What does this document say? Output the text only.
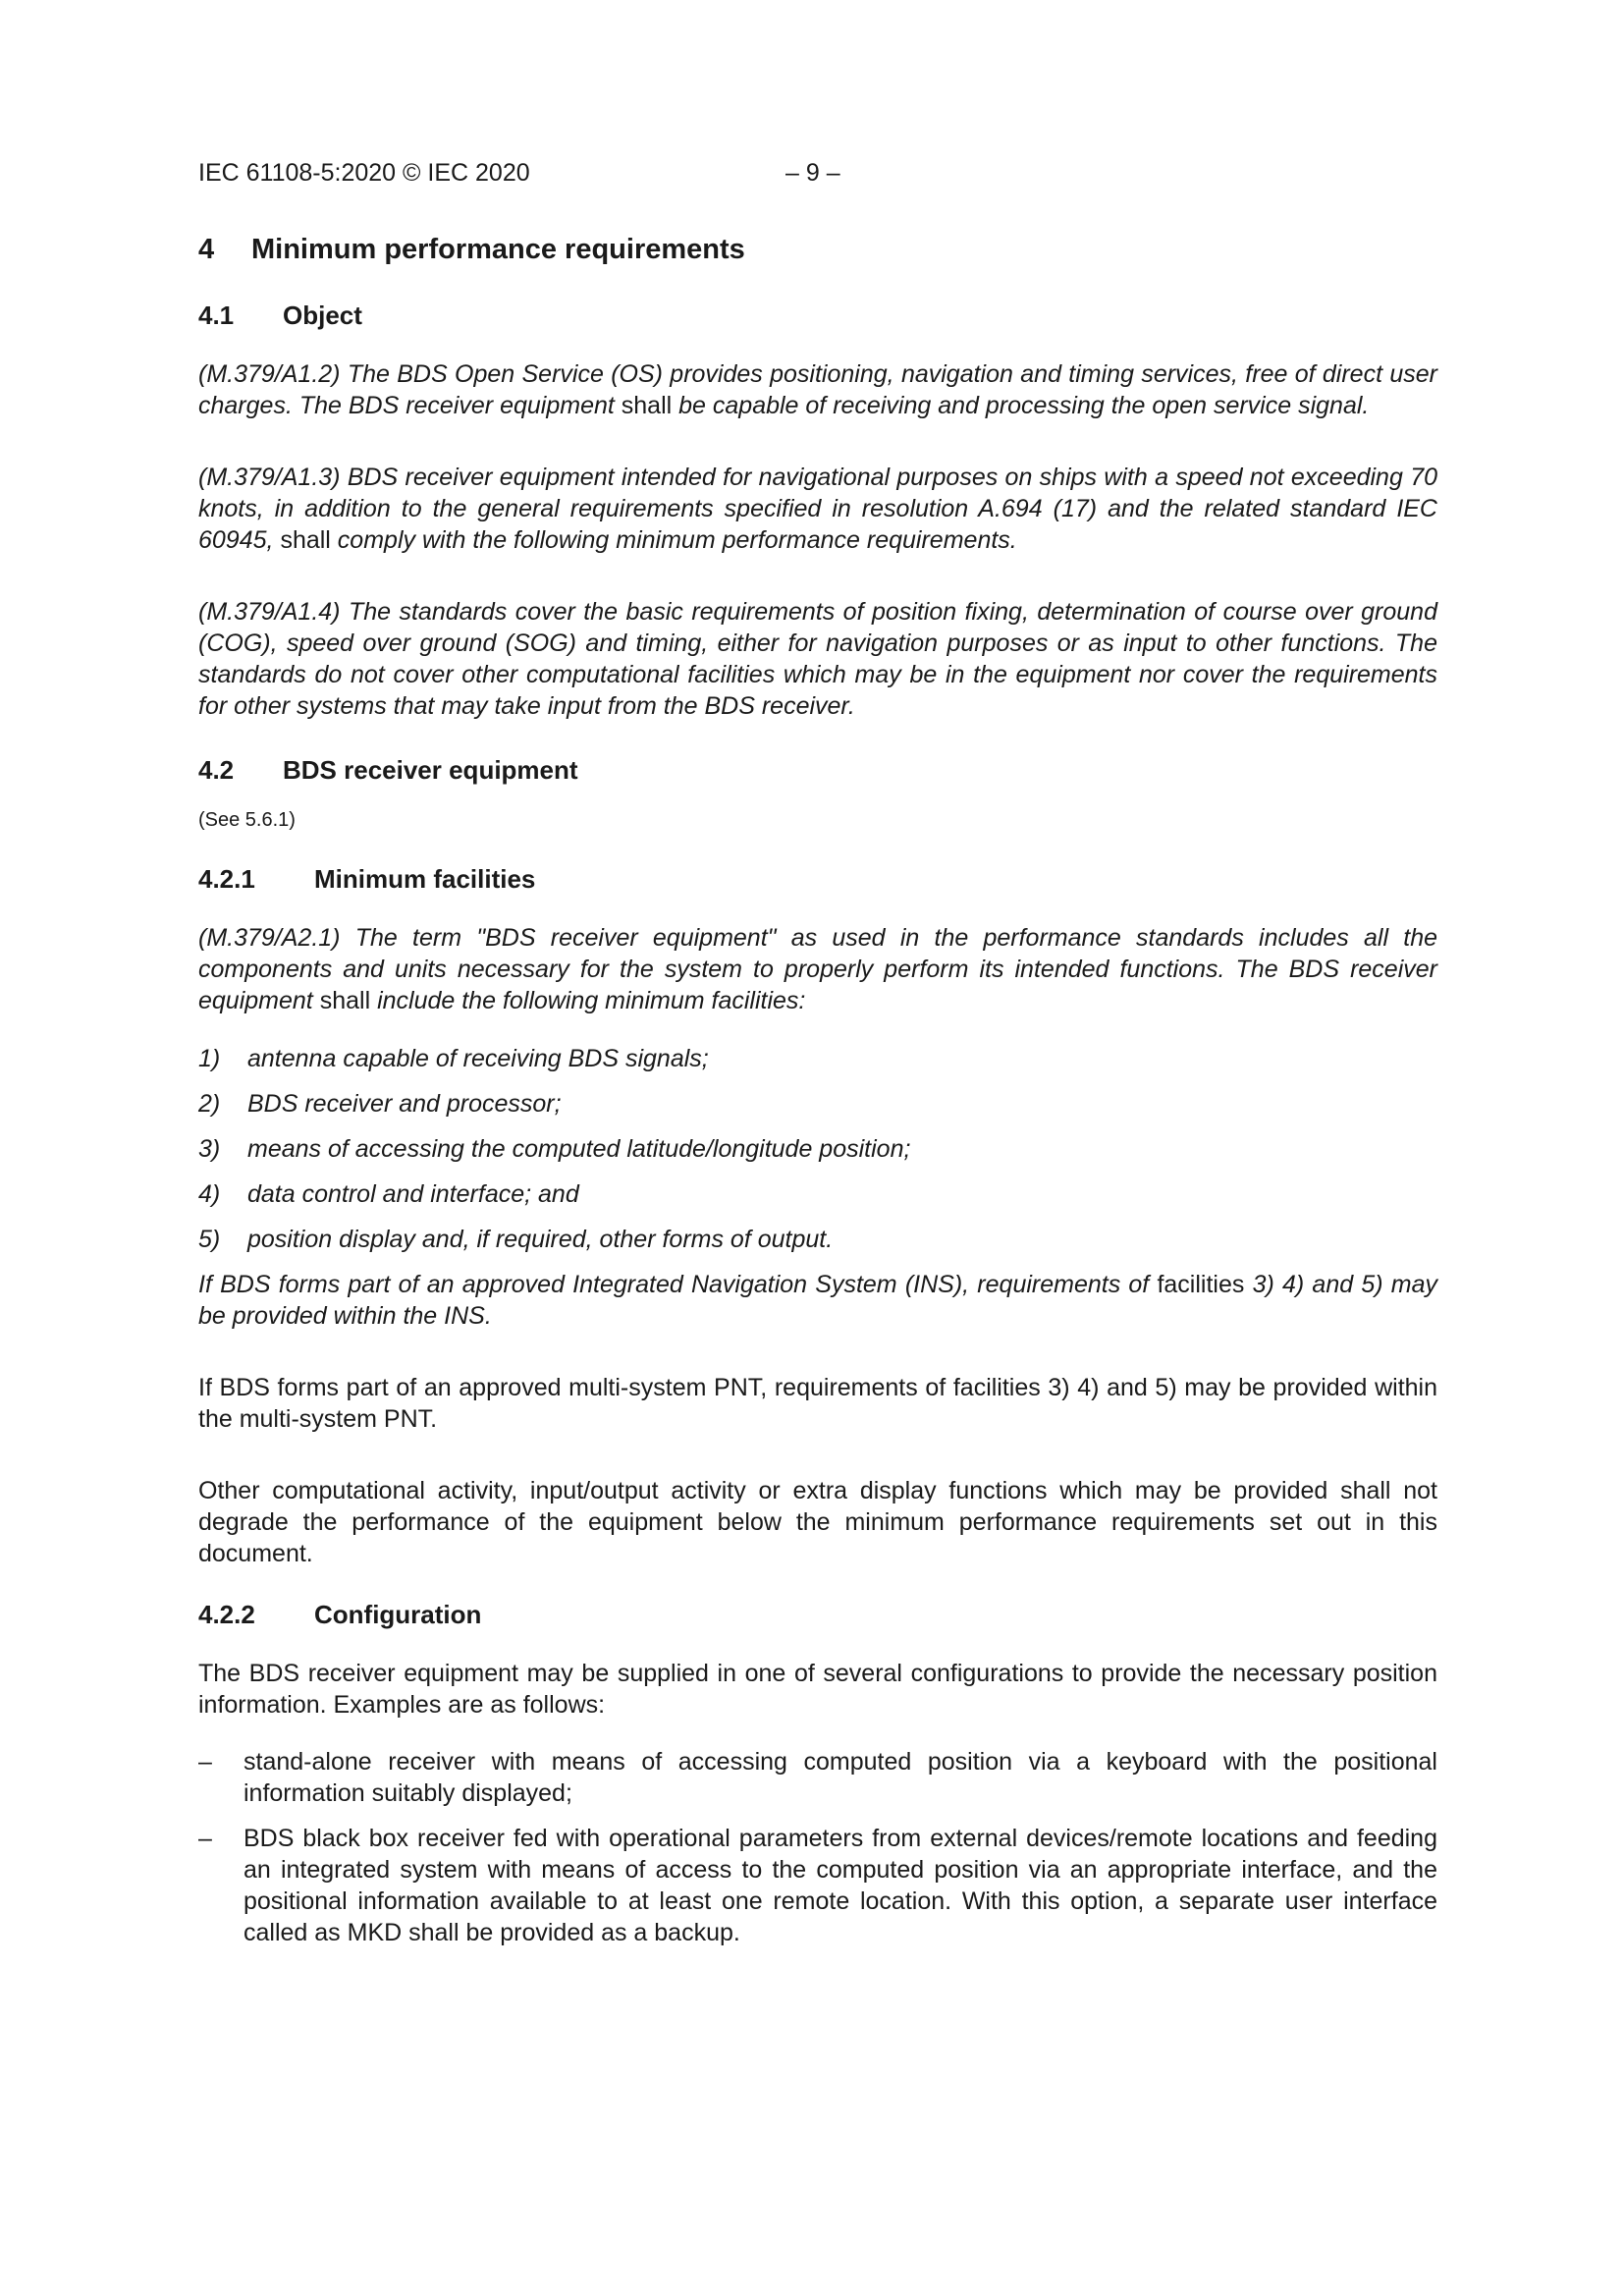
IEC 61108-5:2020 © IEC 2020	– 9 –
4	Minimum performance requirements
4.1	Object

(M.379/A1.2) The BDS Open Service (OS) provides positioning, navigation and timing services, free of direct user charges. The BDS receiver equipment shall be capable of receiving and processing the open service signal.

(M.379/A1.3) BDS receiver equipment intended for navigational purposes on ships with a speed not exceeding 70 knots, in addition to the general requirements specified in resolution A.694 (17) and the related standard IEC 60945, shall comply with the following minimum performance requirements.

(M.379/A1.4) The standards cover the basic requirements of position fixing, determination of course over ground (COG), speed over ground (SOG) and timing, either for navigation purposes or as input to other functions. The standards do not cover other computational facilities which may be in the equipment nor cover the requirements for other systems that may take input from the BDS receiver.

4.2	BDS receiver equipment

(See 5.6.1)

4.2.1	Minimum facilities

(M.379/A2.1) The term "BDS receiver equipment" as used in the performance standards includes all the components and units necessary for the system to properly perform its intended functions. The BDS receiver equipment shall include the following minimum facilities:

1)	antenna capable of receiving BDS signals;
2)	BDS receiver and processor;
3)	means of accessing the computed latitude/longitude position;
4)	data control and interface; and
5)	position display and, if required, other forms of output.

If BDS forms part of an approved Integrated Navigation System (INS), requirements of facilities 3) 4) and 5) may be provided within the INS.

If BDS forms part of an approved multi-system PNT, requirements of facilities 3) 4) and 5) may be provided within the multi-system PNT.

Other computational activity, input/output activity or extra display functions which may be provided shall not degrade the performance of the equipment below the minimum performance requirements set out in this document.

4.2.2	Configuration

The BDS receiver equipment may be supplied in one of several configurations to provide the necessary position information. Examples are as follows:

–	stand-alone receiver with means of accessing computed position via a keyboard with the positional information suitably displayed;
–	BDS black box receiver fed with operational parameters from external devices/remote locations and feeding an integrated system with means of access to the computed position via an appropriate interface, and the positional information available to at least one remote location. With this option, a separate user interface called as MKD shall be provided as a backup.
